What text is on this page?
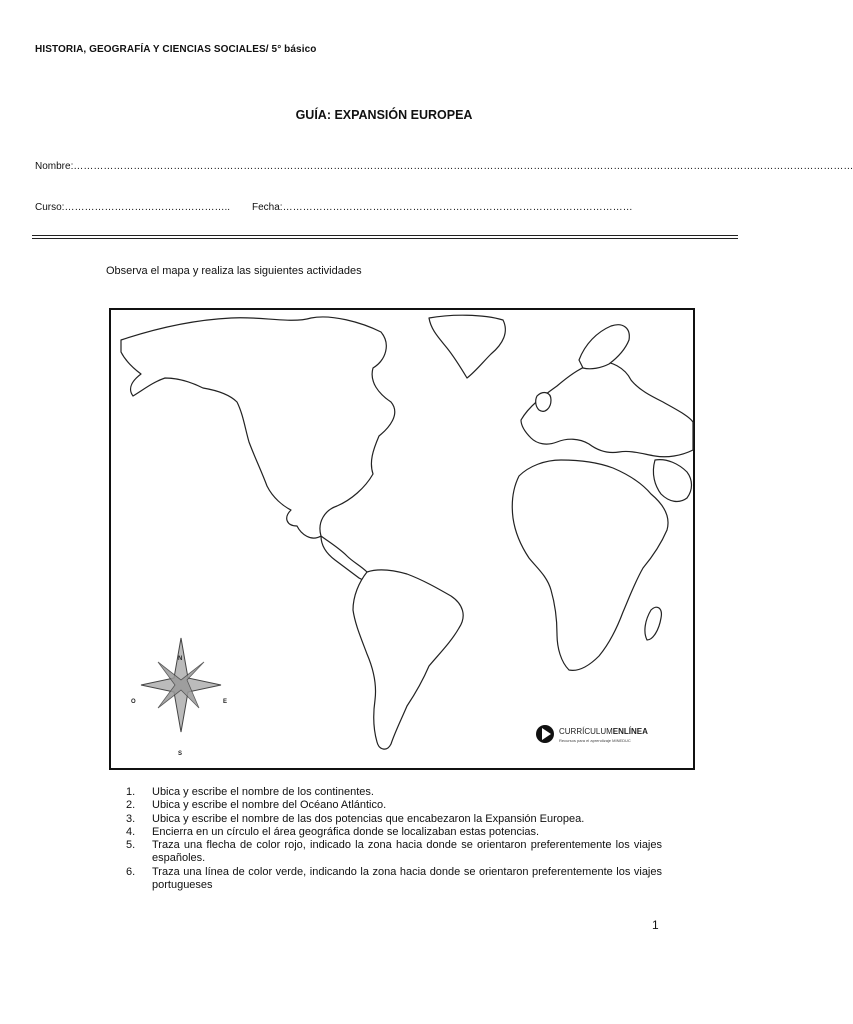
HISTORIA, GEOGRAFÍA Y CIENCIAS SOCIALES/ 5° básico
GUÍA: EXPANSIÓN EUROPEA
Nombre:………………………………………………………………………………………………………………………………………………………………………………………………………………
Curso:…………………………………………..	Fecha:……………………………………………………………………………………………
Observa el mapa y realiza las siguientes actividades
N
S
E
O
CURRÍCULUMENLÍNEA
Recursos para el aprendizaje MINEDUC
1. Ubica y escribe el nombre de los continentes.
2. Ubica y escribe el nombre del Océano Atlántico.
3. Ubica y escribe el nombre de las dos potencias que encabezaron la Expansión Europea.
4. Encierra en un círculo el área geográfica donde se localizaban estas potencias.
5. Traza una flecha de color rojo, indicado la zona hacia donde se orientaron preferentemente los viajes españoles.
6. Traza una línea de color verde, indicando la zona hacia donde se orientaron preferentemente los viajes portugueses
1
